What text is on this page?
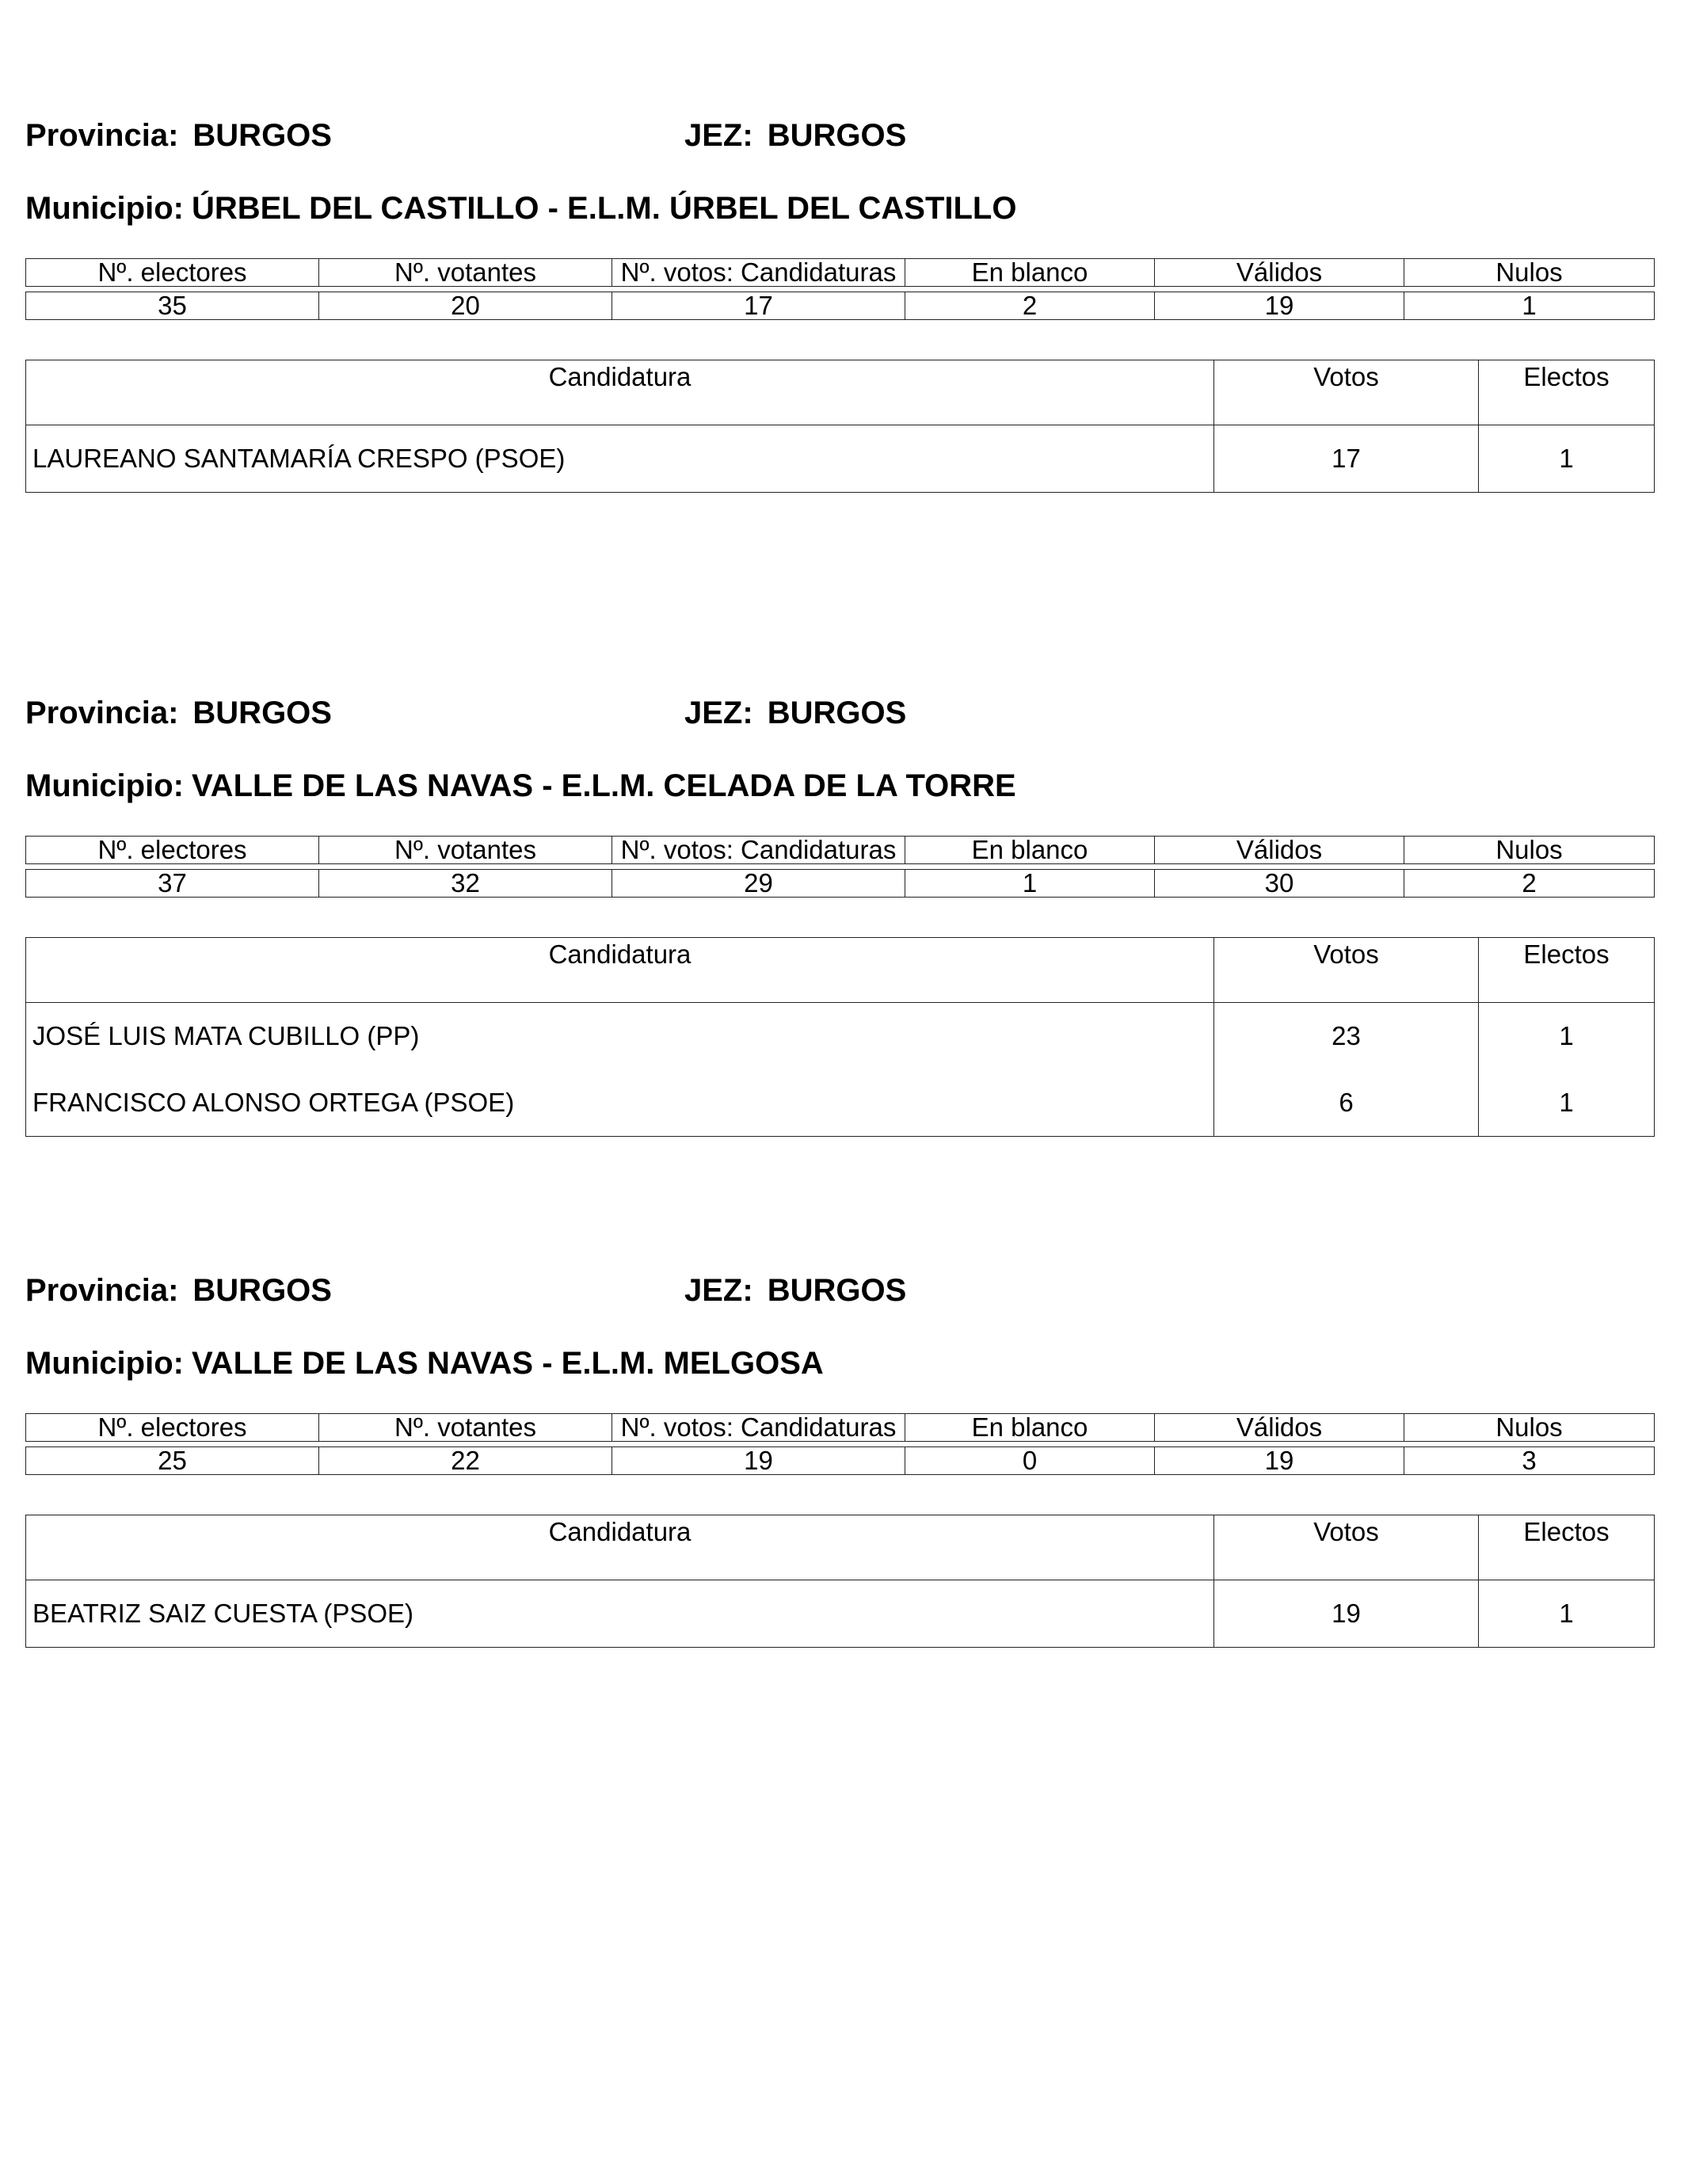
Provincia: BURGOS	JEZ: BURGOS
Municipio: ÚRBEL DEL CASTILLO - E.L.M. ÚRBEL DEL CASTILLO
Nº. electores	Nº. votantes	Nº. votos: Candidaturas	En blanco	Válidos	Nulos

35	20	17	2	19	1
Candidatura	Votos	Electos
LAUREANO SANTAMARÍA CRESPO (PSOE)	17	1
Provincia: BURGOS	JEZ: BURGOS
Municipio: VALLE DE LAS NAVAS - E.L.M. CELADA DE LA TORRE
Nº. electores	Nº. votantes	Nº. votos: Candidaturas	En blanco	Válidos	Nulos

37	32	29	1	30	2
Candidatura	Votos	Electos
JOSÉ LUIS MATA CUBILLO (PP)	23	1
FRANCISCO ALONSO ORTEGA (PSOE)	6	1
Provincia: BURGOS	JEZ: BURGOS
Municipio: VALLE DE LAS NAVAS - E.L.M. MELGOSA
Nº. electores	Nº. votantes	Nº. votos: Candidaturas	En blanco	Válidos	Nulos

25	22	19	0	19	3
Candidatura	Votos	Electos
BEATRIZ SAIZ CUESTA (PSOE)	19	1
